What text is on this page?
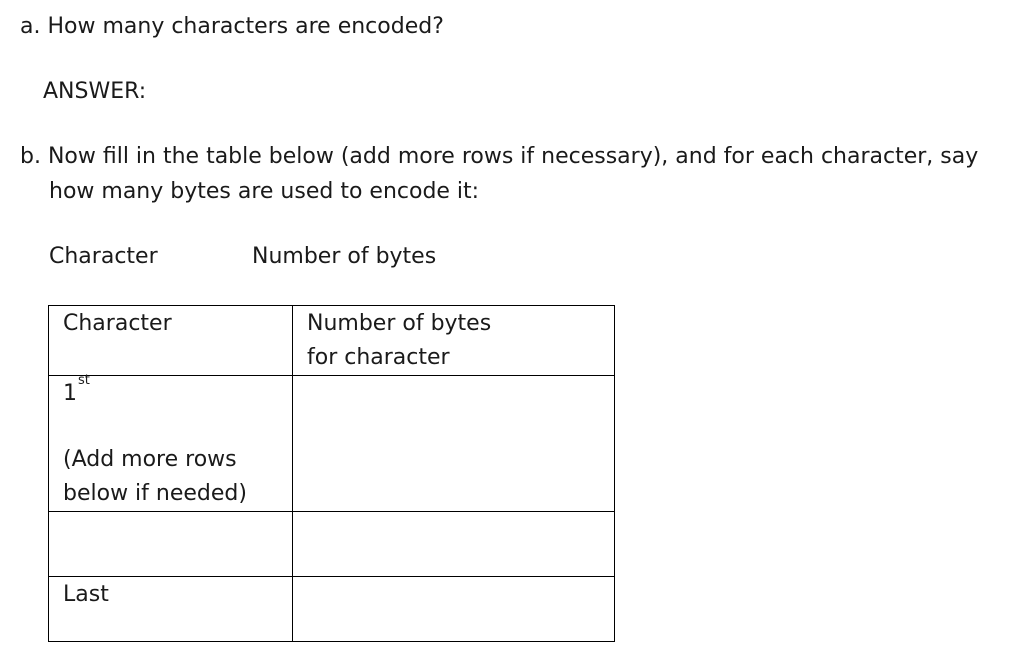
a. How many characters are encoded?
ANSWER:
b. Now fill in the table below (add more rows if necessary), and for each character, say
how many bytes are used to encode it:
Character	Number of bytes
Character	Number of bytes
for character

1st
(Add more rows
below if needed)	

Last	
